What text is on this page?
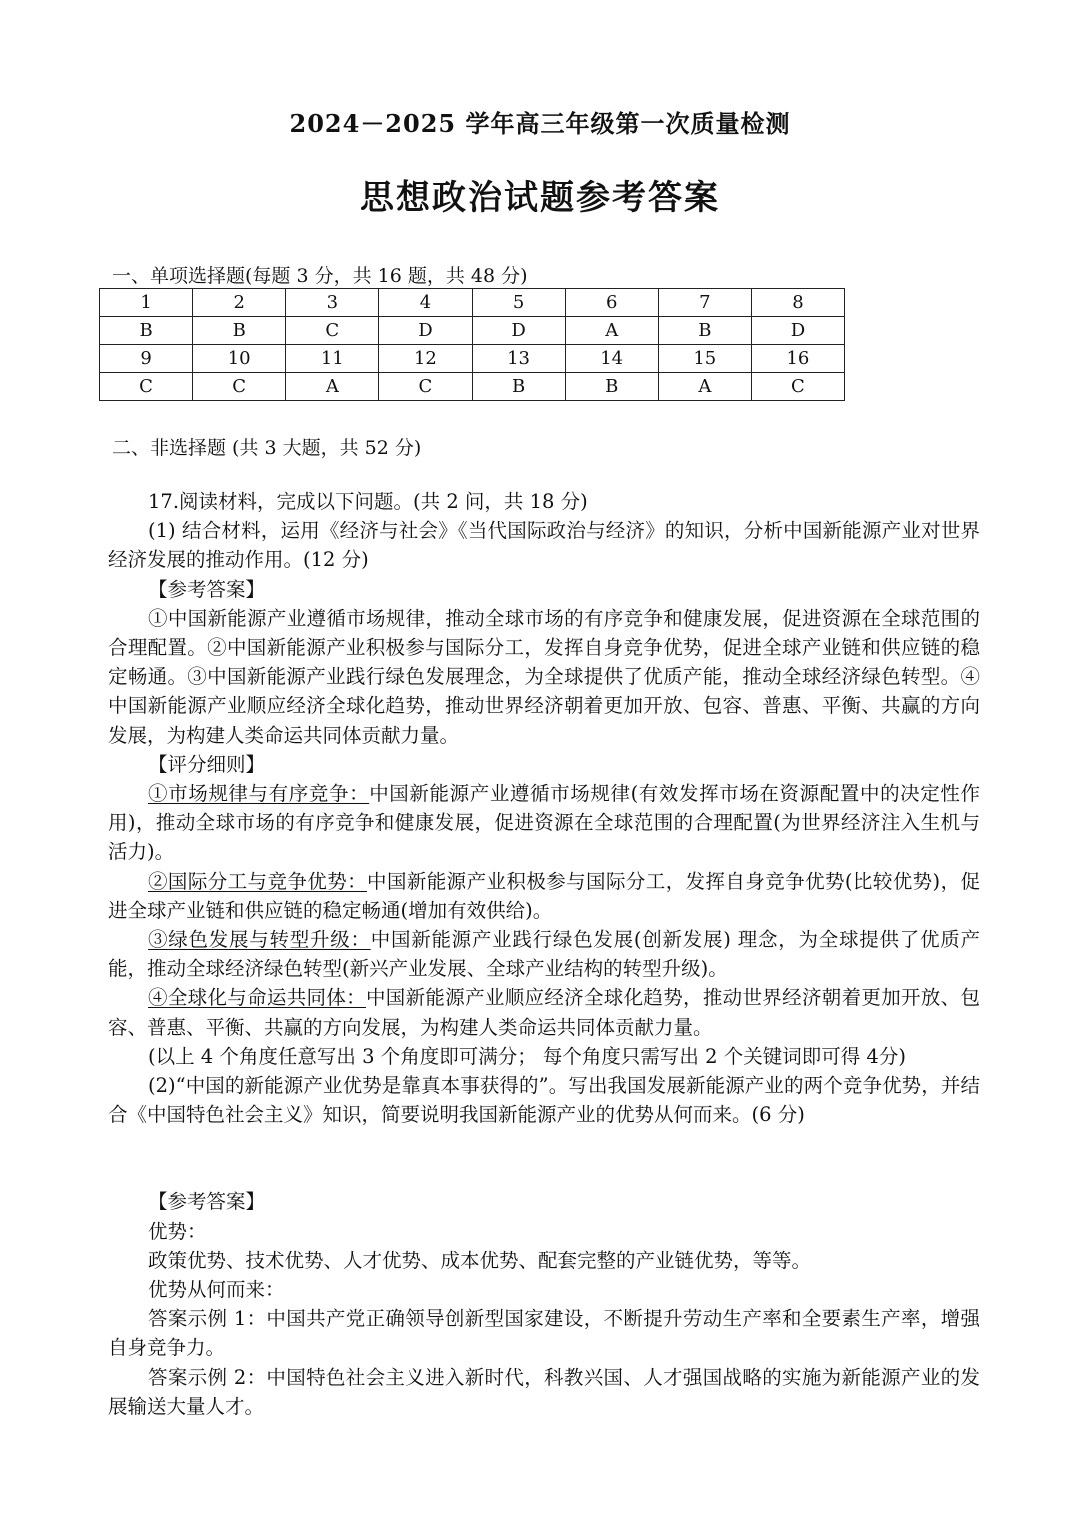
2024－2025 学年高三年级第一次质量检测
思想政治试题参考答案
一、单项选择题(每题 3 分，共 16 题，共 48 分)
1	2	3	4	5	6	7	8
B	B	C	D	D	A	B	D
9	10	11	12	13	14	15	16
C	C	A	C	B	B	A	C
二、非选择题 (共 3 大题，共 52 分)

17.阅读材料，完成以下问题。(共 2 问，共 18 分)

(1) 结合材料，运用《经济与社会》《当代国际政治与经济》的知识，分析中国新能源产业对世界经济发展的推动作用。(12 分)

【参考答案】

①中国新能源产业遵循市场规律，推动全球市场的有序竞争和健康发展，促进资源在全球范围的合理配置。②中国新能源产业积极参与国际分工，发挥自身竞争优势，促进全球产业链和供应链的稳定畅通。③中国新能源产业践行绿色发展理念，为全球提供了优质产能，推动全球经济绿色转型。④中国新能源产业顺应经济全球化趋势，推动世界经济朝着更加开放、包容、普惠、平衡、共赢的方向发展，为构建人类命运共同体贡献力量。

【评分细则】

①市场规律与有序竞争：中国新能源产业遵循市场规律(有效发挥市场在资源配置中的决定性作用)，推动全球市场的有序竞争和健康发展，促进资源在全球范围的合理配置(为世界经济注入生机与活力)。

②国际分工与竞争优势：中国新能源产业积极参与国际分工，发挥自身竞争优势(比较优势)，促进全球产业链和供应链的稳定畅通(增加有效供给)。

③绿色发展与转型升级：中国新能源产业践行绿色发展(创新发展) 理念，为全球提供了优质产能，推动全球经济绿色转型(新兴产业发展、全球产业结构的转型升级)。

④全球化与命运共同体：中国新能源产业顺应经济全球化趋势，推动世界经济朝着更加开放、包容、普惠、平衡、共赢的方向发展，为构建人类命运共同体贡献力量。

(以上 4 个角度任意写出 3 个角度即可满分； 每个角度只需写出 2 个关键词即可得 4分)

(2)“中国的新能源产业优势是靠真本事获得的”。写出我国发展新能源产业的两个竞争优势，并结合《中国特色社会主义》知识，简要说明我国新能源产业的优势从何而来。(6 分)

【参考答案】

优势：

政策优势、技术优势、人才优势、成本优势、配套完整的产业链优势，等等。

优势从何而来：

答案示例 1：中国共产党正确领导创新型国家建设，不断提升劳动生产率和全要素生产率，增强自身竞争力。

答案示例 2：中国特色社会主义进入新时代，科教兴国、人才强国战略的实施为新能源产业的发展输送大量人才。
